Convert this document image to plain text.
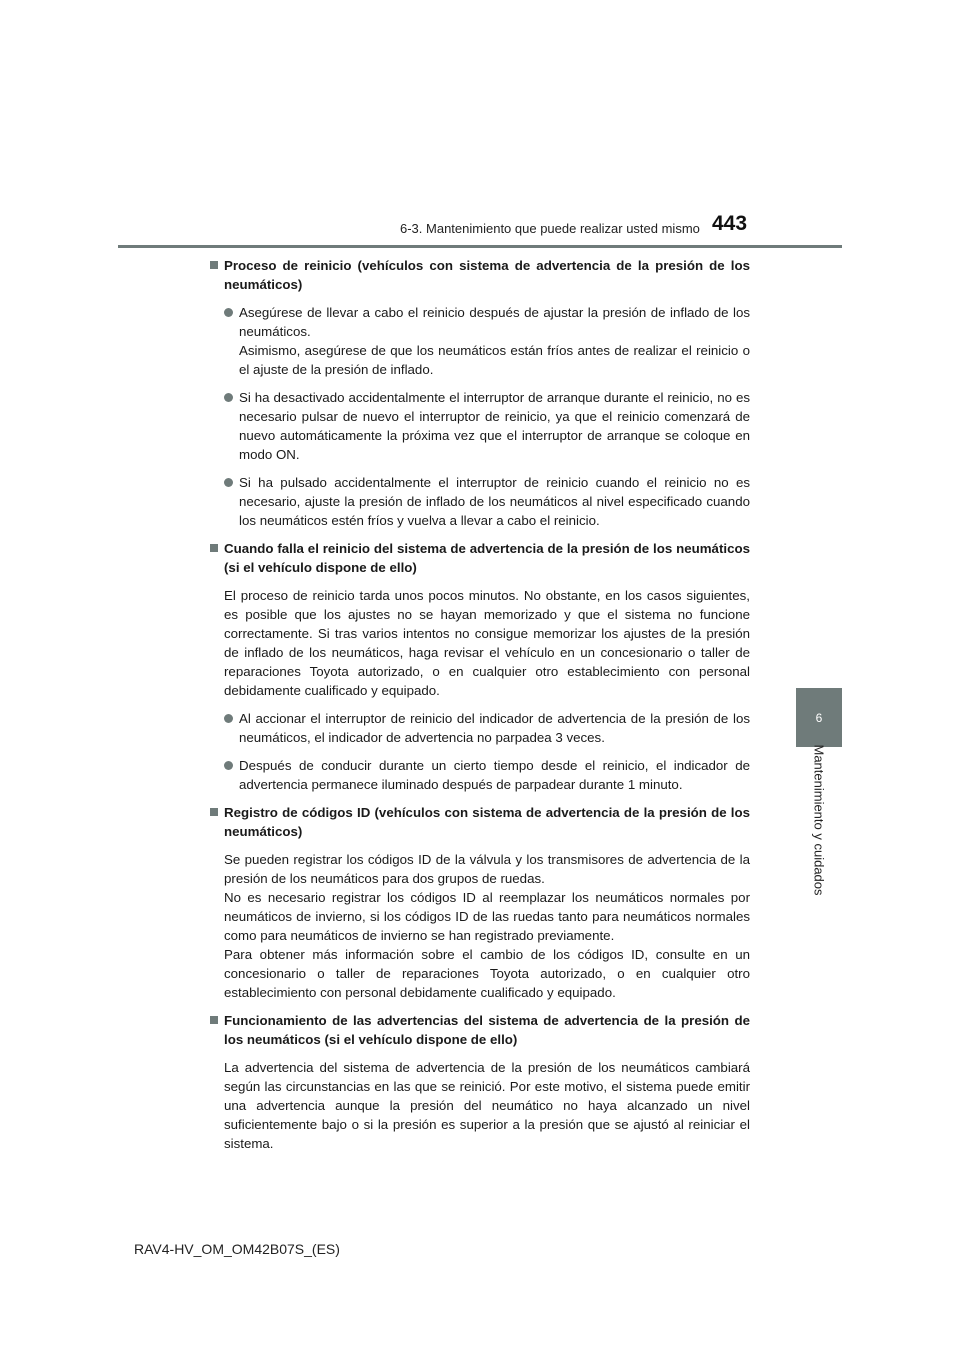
6-3. Mantenimiento que puede realizar usted mismo 443
6
Mantenimiento y cuidados
Proceso de reinicio (vehículos con sistema de advertencia de la presión de los neumáticos)
Asegúrese de llevar a cabo el reinicio después de ajustar la presión de inflado de los neumáticos.
Asimismo, asegúrese de que los neumáticos están fríos antes de realizar el reinicio o el ajuste de la presión de inflado.
Si ha desactivado accidentalmente el interruptor de arranque durante el reinicio, no es necesario pulsar de nuevo el interruptor de reinicio, ya que el reinicio comenzará de nuevo automáticamente la próxima vez que el interruptor de arranque se coloque en modo ON.
Si ha pulsado accidentalmente el interruptor de reinicio cuando el reinicio no es necesario, ajuste la presión de inflado de los neumáticos al nivel especificado cuando los neumáticos estén fríos y vuelva a llevar a cabo el reinicio.
Cuando falla el reinicio del sistema de advertencia de la presión de los neumáticos (si el vehículo dispone de ello)
El proceso de reinicio tarda unos pocos minutos. No obstante, en los casos siguientes, es posible que los ajustes no se hayan memorizado y que el sistema no funcione correctamente. Si tras varios intentos no consigue memorizar los ajustes de la presión de inflado de los neumáticos, haga revisar el vehículo en un concesionario o taller de reparaciones Toyota autorizado, o en cualquier otro establecimiento con personal debidamente cualificado y equipado.
Al accionar el interruptor de reinicio del indicador de advertencia de la presión de los neumáticos, el indicador de advertencia no parpadea 3 veces.
Después de conducir durante un cierto tiempo desde el reinicio, el indicador de advertencia permanece iluminado después de parpadear durante 1 minuto.
Registro de códigos ID (vehículos con sistema de advertencia de la presión de los neumáticos)
Se pueden registrar los códigos ID de la válvula y los transmisores de advertencia de la presión de los neumáticos para dos grupos de ruedas.
No es necesario registrar los códigos ID al reemplazar los neumáticos normales por neumáticos de invierno, si los códigos ID de las ruedas tanto para neumáticos normales como para neumáticos de invierno se han registrado previamente.
Para obtener más información sobre el cambio de los códigos ID, consulte en un concesionario o taller de reparaciones Toyota autorizado, o en cualquier otro establecimiento con personal debidamente cualificado y equipado.
Funcionamiento de las advertencias del sistema de advertencia de la presión de los neumáticos (si el vehículo dispone de ello)
La advertencia del sistema de advertencia de la presión de los neumáticos cambiará según las circunstancias en las que se reinició. Por este motivo, el sistema puede emitir una advertencia aunque la presión del neumático no haya alcanzado un nivel suficientemente bajo o si la presión es superior a la presión que se ajustó al reiniciar el sistema.
RAV4-HV_OM_OM42B07S_(ES)
